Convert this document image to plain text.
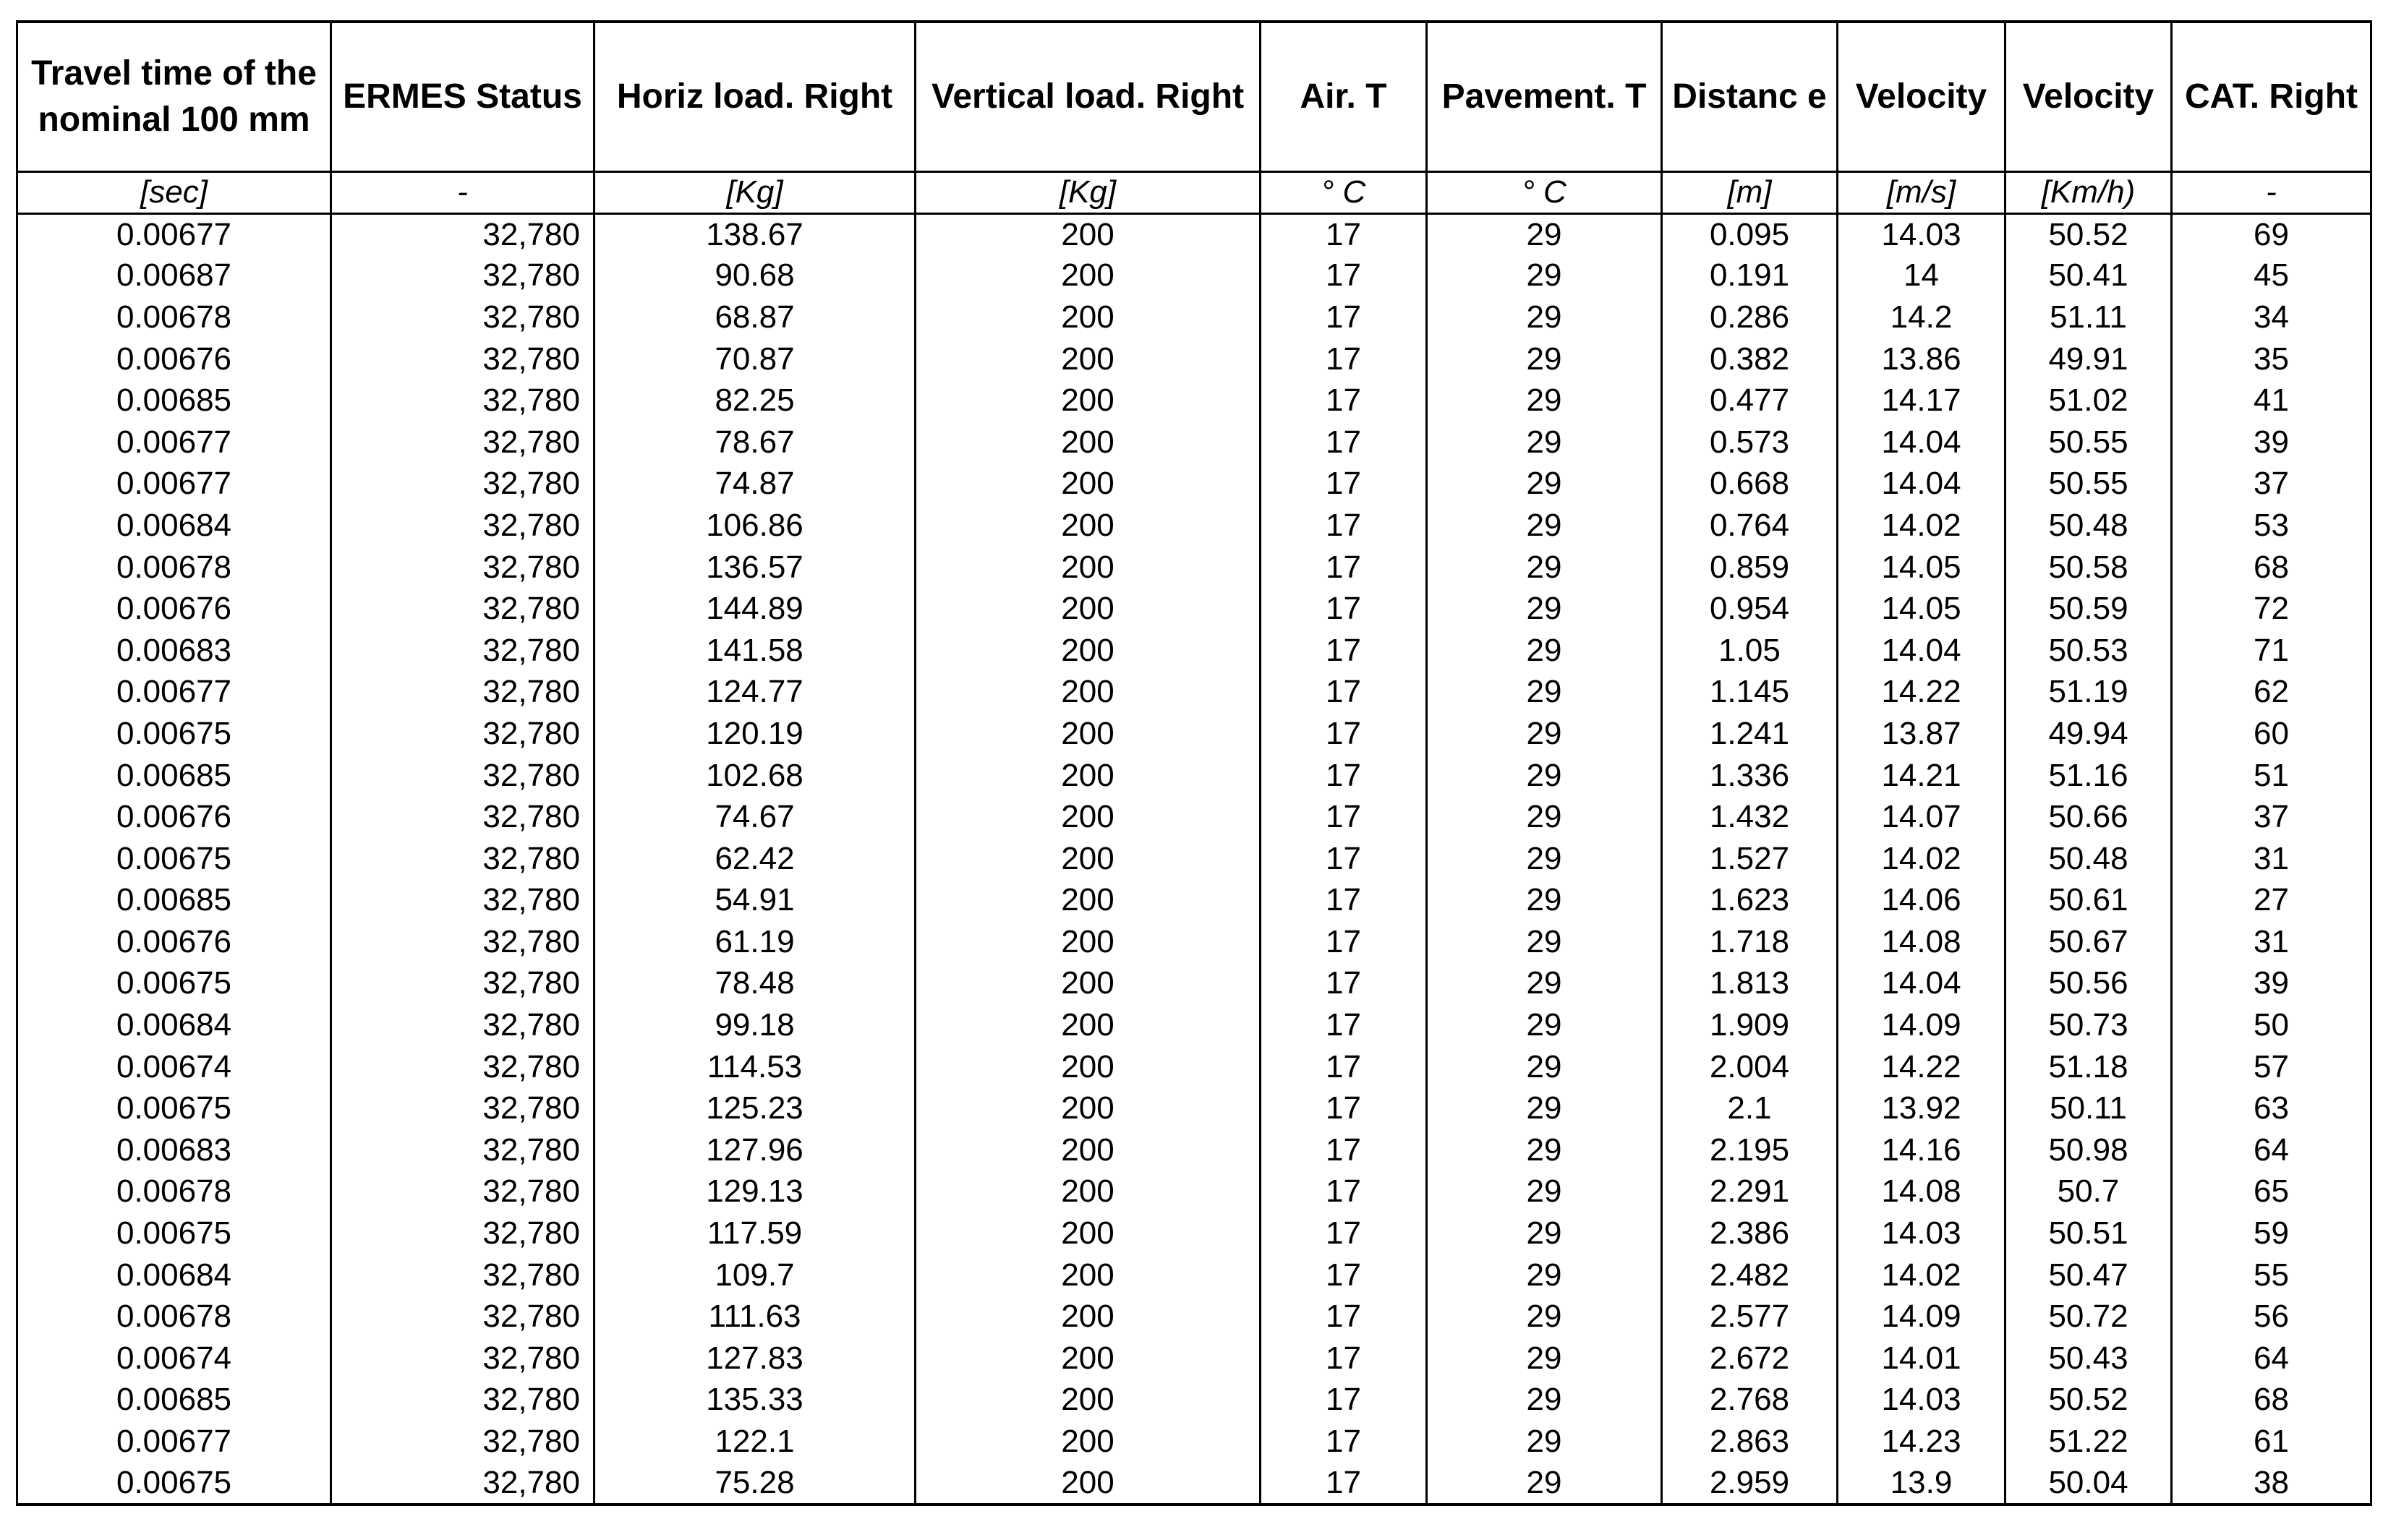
Travel time of the nominal 100 mm	ERMES Status	Horiz load. Right	Vertical load. Right	Air. T	Pavement. T	Distanc e	Velocity	Velocity	CAT. Right
[sec]	-	[Kg]	[Kg]	° C	° C	[m]	[m/s]	[Km/h)	-
0.00677	32,780	138.67	200	17	29	0.095	14.03	50.52	69
0.00687	32,780	90.68	200	17	29	0.191	14	50.41	45
0.00678	32,780	68.87	200	17	29	0.286	14.2	51.11	34
0.00676	32,780	70.87	200	17	29	0.382	13.86	49.91	35
0.00685	32,780	82.25	200	17	29	0.477	14.17	51.02	41
0.00677	32,780	78.67	200	17	29	0.573	14.04	50.55	39
0.00677	32,780	74.87	200	17	29	0.668	14.04	50.55	37
0.00684	32,780	106.86	200	17	29	0.764	14.02	50.48	53
0.00678	32,780	136.57	200	17	29	0.859	14.05	50.58	68
0.00676	32,780	144.89	200	17	29	0.954	14.05	50.59	72
0.00683	32,780	141.58	200	17	29	1.05	14.04	50.53	71
0.00677	32,780	124.77	200	17	29	1.145	14.22	51.19	62
0.00675	32,780	120.19	200	17	29	1.241	13.87	49.94	60
0.00685	32,780	102.68	200	17	29	1.336	14.21	51.16	51
0.00676	32,780	74.67	200	17	29	1.432	14.07	50.66	37
0.00675	32,780	62.42	200	17	29	1.527	14.02	50.48	31
0.00685	32,780	54.91	200	17	29	1.623	14.06	50.61	27
0.00676	32,780	61.19	200	17	29	1.718	14.08	50.67	31
0.00675	32,780	78.48	200	17	29	1.813	14.04	50.56	39
0.00684	32,780	99.18	200	17	29	1.909	14.09	50.73	50
0.00674	32,780	114.53	200	17	29	2.004	14.22	51.18	57
0.00675	32,780	125.23	200	17	29	2.1	13.92	50.11	63
0.00683	32,780	127.96	200	17	29	2.195	14.16	50.98	64
0.00678	32,780	129.13	200	17	29	2.291	14.08	50.7	65
0.00675	32,780	117.59	200	17	29	2.386	14.03	50.51	59
0.00684	32,780	109.7	200	17	29	2.482	14.02	50.47	55
0.00678	32,780	111.63	200	17	29	2.577	14.09	50.72	56
0.00674	32,780	127.83	200	17	29	2.672	14.01	50.43	64
0.00685	32,780	135.33	200	17	29	2.768	14.03	50.52	68
0.00677	32,780	122.1	200	17	29	2.863	14.23	51.22	61
0.00675	32,780	75.28	200	17	29	2.959	13.9	50.04	38
